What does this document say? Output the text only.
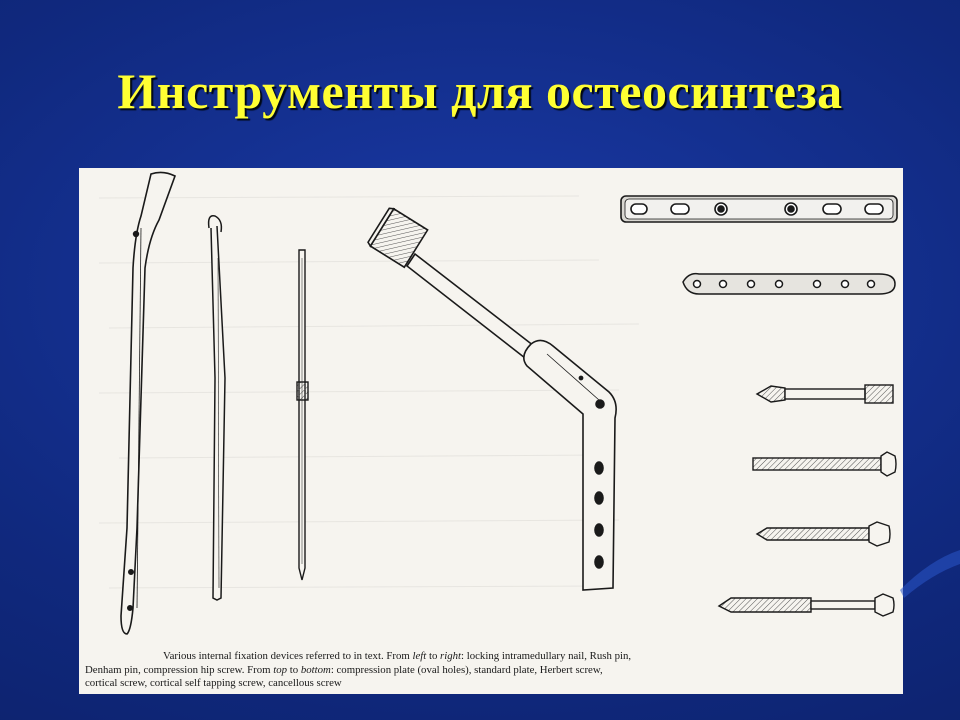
Инструменты для остеосинтеза
Various internal fixation devices referred to in text. From left to right: locking intramedullary nail, Rush pin,
Denham pin, compression hip screw. From top to bottom: compression plate (oval holes), standard plate, Herbert screw,
cortical screw, cortical self tapping screw, cancellous screw
